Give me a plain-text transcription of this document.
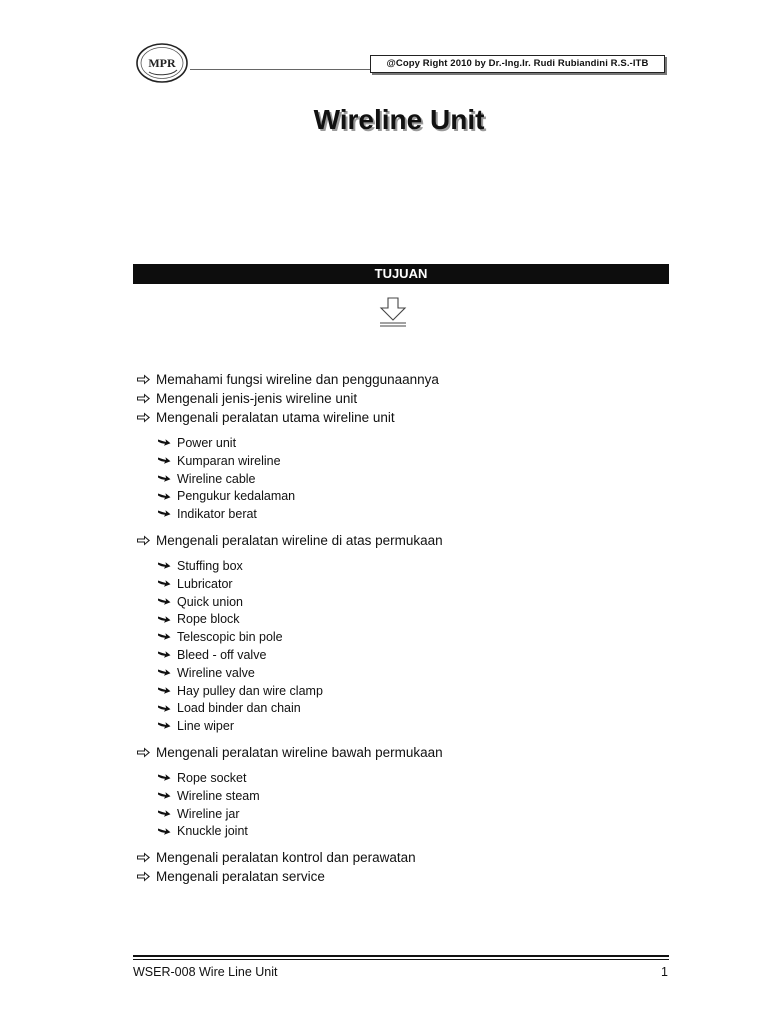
MPR	@Copy Right 2010 by Dr.-Ing.Ir. Rudi Rubiandini R.S.-ITB
Wireline Unit
TUJUAN
Memahami fungsi wireline dan penggunaannya
Mengenali jenis-jenis wireline unit
Mengenali peralatan utama wireline unit
Power unit
Kumparan wireline
Wireline cable
Pengukur kedalaman
Indikator berat
Mengenali peralatan wireline di atas permukaan
Stuffing box
Lubricator
Quick union
Rope block
Telescopic bin pole
Bleed - off valve
Wireline valve
Hay pulley dan wire clamp
Load binder dan chain
Line wiper
Mengenali peralatan wireline bawah permukaan
Rope socket
Wireline steam
Wireline jar
Knuckle joint
Mengenali peralatan kontrol dan perawatan
Mengenali peralatan service
WSER-008 Wire Line Unit	1
